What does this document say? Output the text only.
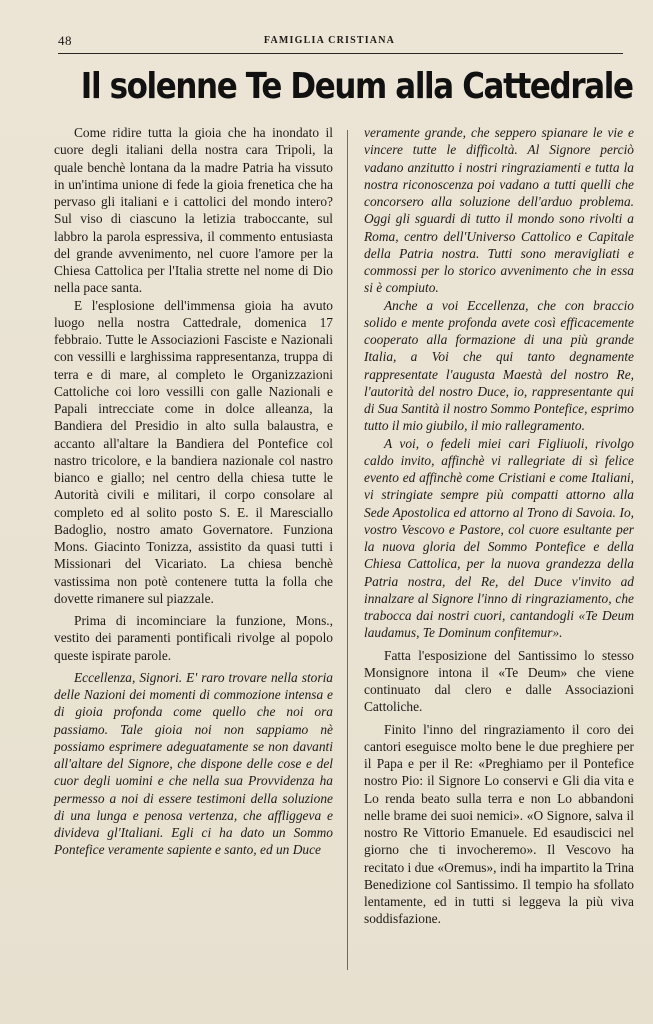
48	FAMIGLIA CRISTIANA
Il solenne Te Deum alla Cattedrale

Come ridire tutta la gioia che ha inondato il cuore degli italiani della nostra cara Tripoli, la quale benchè lontana da la madre Patria ha vissuto in un'intima unione di fede la gioia frenetica che ha pervaso gli italiani e i cattolici del mondo intero? Sul viso di ciascuno la letizia traboccante, sul labbro la parola espressiva, il commento entusiasta del grande avvenimento, nel cuore l'amore per la Chiesa Cattolica per l'Italia strette nel nome di Dio nella pace santa.

E l'esplosione dell'immensa gioia ha avuto luogo nella nostra Cattedrale, domenica 17 febbraio. Tutte le Associazioni Fasciste e Nazionali con vessilli e larghissima rappresentanza, truppa di terra e di mare, al completo le Organizzazioni Cattoliche coi loro vessilli con galle Nazionali e Papali intrecciate come in dolce alleanza, la Bandiera del Presidio in alto sulla balaustra, e accanto all'altare la Bandiera del Pontefice col nastro tricolore, e la bandiera nazionale col nastro bianco e giallo; nel centro della chiesa tutte le Autorità civili e militari, il corpo consolare al completo ed al solito posto S. E. il Maresciallo Badoglio, nostro amato Governatore. Funziona Mons. Giacinto Tonizza, assistito da quasi tutti i Missionari del Vicariato. La chiesa benchè vastissima non potè contenere tutta la folla che dovette rimanere sul piazzale.

Prima di incominciare la funzione, Mons., vestito dei paramenti pontificali rivolge al popolo queste ispirate parole.

Eccellenza, Signori. E' raro trovare nella storia delle Nazioni dei momenti di commozione intensa e di gioia profonda come quello che noi ora passiamo. Tale gioia noi non sappiamo nè possiamo esprimere adeguatamente se non davanti all'altare del Signore, che dispone delle cose e del cuor degli uomini e che nella sua Provvidenza ha permesso a noi di essere testimoni della soluzione di una lunga e penosa vertenza, che affliggeva e divideva gl'Italiani. Egli ci ha dato un Sommo Pontefice veramente sapiente e santo, ed un Duce

veramente grande, che seppero spianare le vie e vincere tutte le difficoltà. Al Signore perciò vadano anzitutto i nostri ringraziamenti e tutta la nostra riconoscenza poi vadano a tutti quelli che concorsero alla soluzione dell'arduo problema. Oggi gli sguardi di tutto il mondo sono rivolti a Roma, centro dell'Universo Cattolico e Capitale della Patria nostra. Tutti sono meravigliati e commossi per lo storico avvenimento che in essa si è compiuto.

Anche a voi Eccellenza, che con braccio solido e mente profonda avete così efficacemente cooperato alla formazione di una più grande Italia, a Voi che qui tanto degnamente rappresentate l'augusta Maestà del nostro Re, l'autorità del nostro Duce, io, rappresentante qui di Sua Santità il nostro Sommo Pontefice, esprimo tutto il mio giubilo, il mio rallegramento.

A voi, o fedeli miei cari Figliuoli, rivolgo caldo invito, affinchè vi rallegriate di sì felice evento ed affinchè come Cristiani e come Italiani, vi stringiate sempre più compatti attorno alla Sede Apostolica ed attorno al Trono di Savoia. Io, vostro Vescovo e Pastore, col cuore esultante per la nuova gloria del Sommo Pontefice e della Chiesa Cattolica, per la nuova grandezza della Patria nostra, del Re, del Duce v'invito ad innalzare al Signore l'inno di ringraziamento, che trabocca dai nostri cuori, cantandogli «Te Deum laudamus, Te Dominum confitemur».

Fatta l'esposizione del Santissimo lo stesso Monsignore intona il «Te Deum» che viene continuato dal clero e dalle Associazioni Cattoliche.

Finito l'inno del ringraziamento il coro dei cantori eseguisce molto bene le due preghiere per il Papa e per il Re: «Preghiamo per il Pontefice nostro Pio: il Signore Lo conservi e Gli dia vita e Lo renda beato sulla terra e non Lo abbandoni nelle brame dei suoi nemici». «O Signore, salva il nostro Re Vittorio Emanuele. Ed esaudiscici nel giorno che ti invocheremo». Il Vescovo ha recitato i due «Oremus», indi ha impartito la Trina Benedizione col Santissimo. Il tempio ha sfollato lentamente, ed in tutti si leggeva la più viva soddisfazione.
